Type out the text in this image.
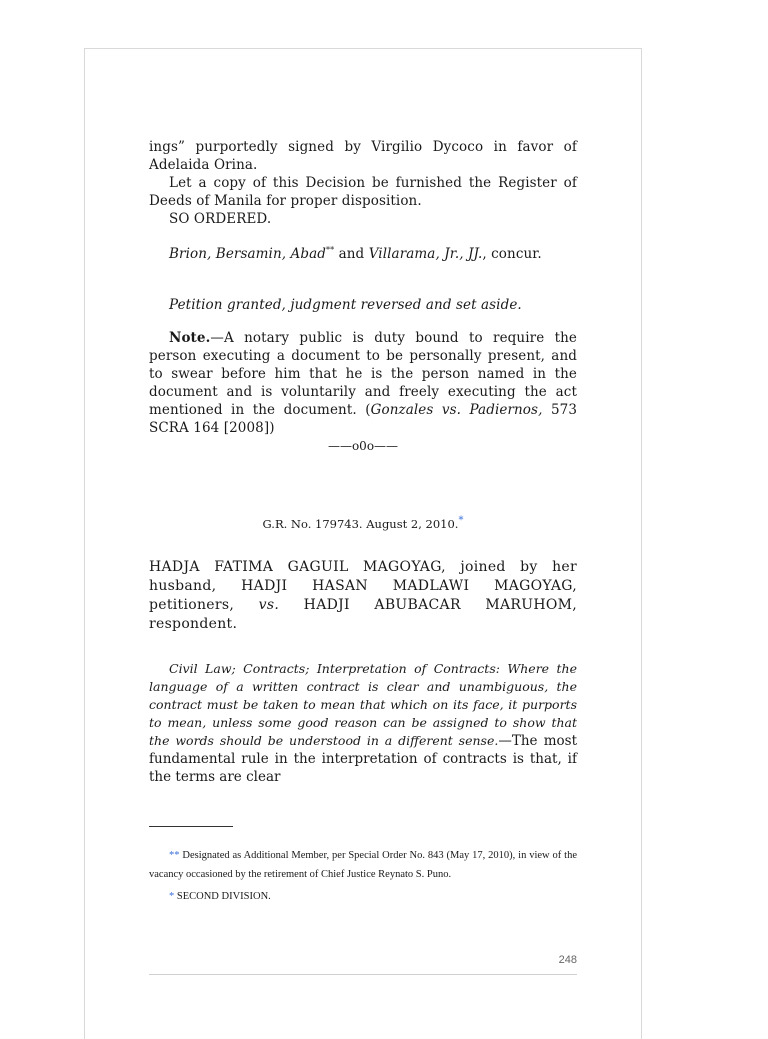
ings” purportedly signed by Virgilio Dycoco in favor of Adelaida Orina.

Let a copy of this Decision be furnished the Register of Deeds of Manila for proper disposition.

SO ORDERED.

Brion, Bersamin, Abad** and Villarama, Jr., JJ., concur.

Petition granted, judgment reversed and set aside.

Note.—A notary public is duty bound to require the person executing a document to be personally present, and to swear before him that he is the person named in the document and is voluntarily and freely executing the act mentioned in the document. (Gonzales vs. Padiernos, 573 SCRA 164 [2008])

——o0o——
G.R. No. 179743. August 2, 2010.*

HADJA FATIMA GAGUIL MAGOYAG, joined by her husband, HADJI HASAN MADLAWI MAGOYAG, petitioners, vs. HADJI ABUBACAR MARUHOM, respondent.

Civil Law; Contracts; Interpretation of Contracts: Where the language of a written contract is clear and unambiguous, the contract must be taken to mean that which on its face, it purports to mean, unless some good reason can be assigned to show that the words should be understood in a different sense.—The most fundamental rule in the interpretation of contracts is that, if the terms are clear

** Designated as Additional Member, per Special Order No. 843 (May 17, 2010), in view of the vacancy occasioned by the retirement of Chief Justice Reynato S. Puno.

* SECOND DIVISION.

248
